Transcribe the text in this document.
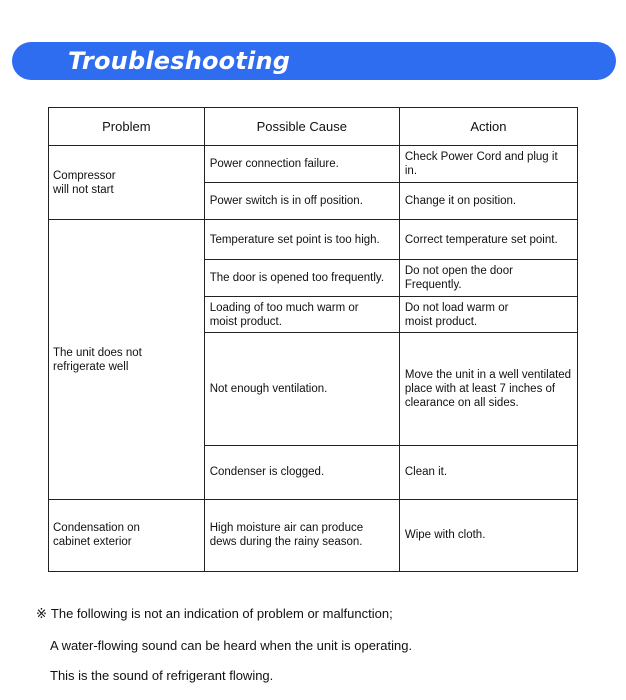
Troubleshooting
Problem	Possible Cause	Action

Compressor will not start	Power connection failure.	Check Power Cord and plug it in.
	Power switch is in off position.	Change it on position.

The unit does not refrigerate well	Temperature set point is too high.	Correct temperature set point.
	The door is opened too frequently.	Do not open the door Frequently.

	Loading of too much warm or moist product.	Do not load warm or moist product.

	Not enough ventilation.	Move the unit in a well ventilated place with at least 7 inches of clearance on all sides.
	Condenser is clogged.	Clean it.

Condensation on cabinet exterior	High moisture air can produce dews during the rainy season.	Wipe with cloth.
※ The following is not an indication of problem or malfunction;
A water-flowing sound can be heard when the unit is operating.
This is the sound of refrigerant flowing.
